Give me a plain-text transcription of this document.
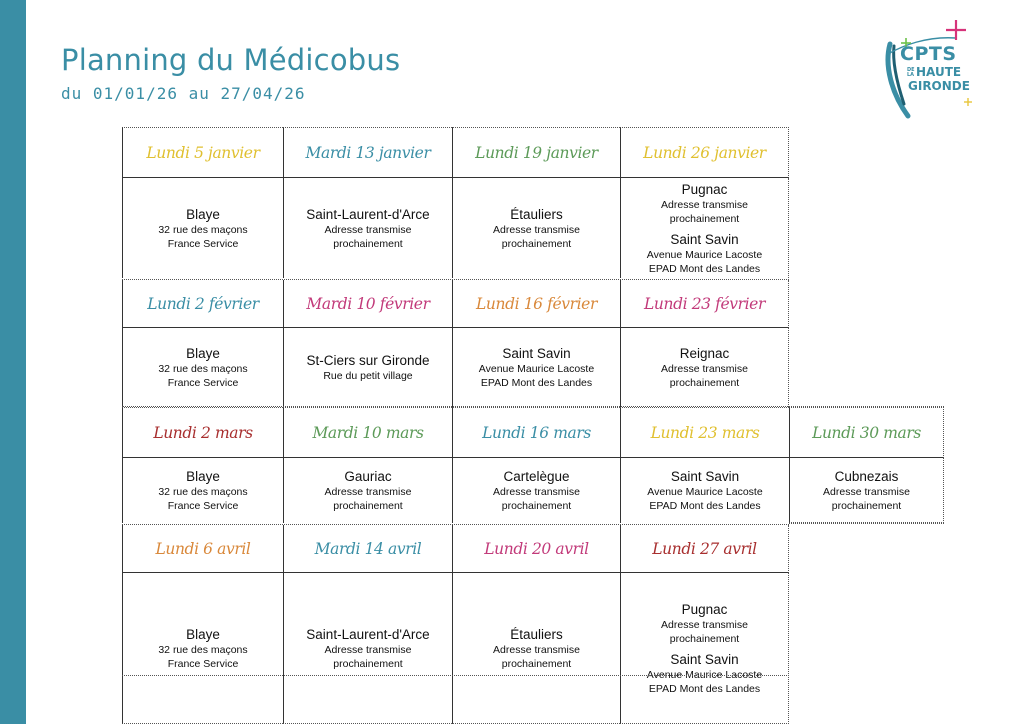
Planning du Médicobus
du 01/01/26 au 27/04/26
CPTS
DE LA HAUTE
GIRONDE
Lundi 5 janvier
Blaye
32 rue des maçons
France Service
Mardi 13 janvier
Saint-Laurent-d'Arce
Adresse transmise
prochainement
Lundi 19 janvier
Étauliers
Adresse transmise
prochainement
Lundi 26 janvier
Pugnac
Adresse transmise
prochainement
Saint Savin
Avenue Maurice Lacoste
EPAD Mont des Landes
Lundi 2 février
Blaye
32 rue des maçons
France Service
Mardi 10 février
St-Ciers sur Gironde
Rue du petit village
Lundi 16 février
Saint Savin
Avenue Maurice Lacoste
EPAD Mont des Landes
Lundi 23 février
Reignac
Adresse transmise
prochainement
Lundi 2 mars
Blaye
32 rue des maçons
France Service
Mardi 10 mars
Gauriac
Adresse transmise
prochainement
Lundi 16 mars
Cartelègue
Adresse transmise
prochainement
Lundi 23 mars
Saint Savin
Avenue Maurice Lacoste
EPAD Mont des Landes
Lundi 30 mars
Cubnezais
Adresse transmise
prochainement
Lundi 6 avril
Blaye
32 rue des maçons
France Service
Mardi 14 avril
Saint-Laurent-d'Arce
Adresse transmise
prochainement
Lundi 20 avril
Étauliers
Adresse transmise
prochainement
Lundi 27 avril
Pugnac
Adresse transmise
prochainement
Saint Savin
Avenue Maurice Lacoste
EPAD Mont des Landes
